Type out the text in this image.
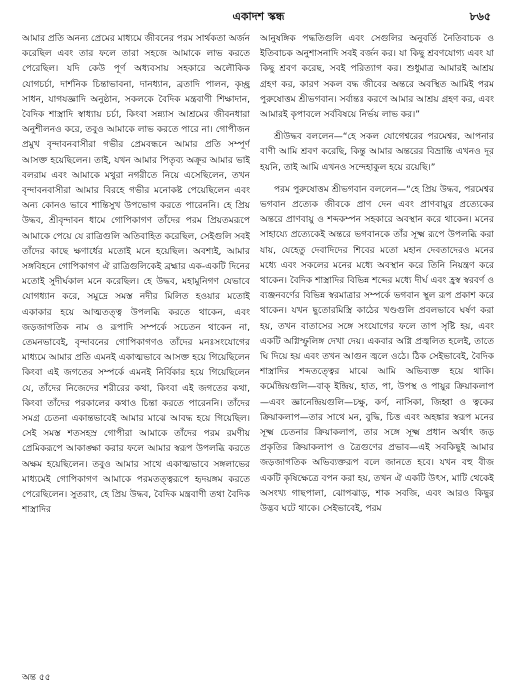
একাদশ স্কন্ধ	৮৬৫

আমার প্রতি অনন্য প্রেমের মাধ্যমে জীবনের পরম সার্থকতা অর্জন করেছিল এবং তার ফলে তারা সহজে আমাকে লাভ করতে পেরেছিল। যদি কেউ পূর্ণ অধ্যবসায় সহকারে অলৌকিক যোগচর্চা, দার্শনিক চিন্তাভাবনা, দানধ্যান, ব্রতাদি পালন, কৃচ্ছ্র সাধন, যাগযজ্ঞাদি অনুষ্ঠান, সকলকে বৈদিক মন্ত্রবাণী শিক্ষাদান, বৈদিক শাস্ত্রাদি স্বাধ্যায় চর্চা, কিংবা সন্ন্যাস আশ্রমের জীবনধারা অনুশীলনও করে, তবুও আমাকে লাভ করতে পারে না। গোপীজন প্রমুখ বৃন্দাবনবাসীরা গভীর প্রেমবন্ধনে আমার প্রতি সম্পূর্ণ আসক্ত হয়েছিলেন। তাই, যখন আমার পিতৃব্য অক্রূর আমার ভাই বলরাম এবং আমাকে মথুরা নগরীতে নিয়ে এসেছিলেন, তখন বৃন্দাবনবাসীরা আমার বিরহে গভীর মনোকষ্ট পেয়েছিলেন এবং অন্য কোনও ভাবে শান্তিসুখ উপভোগ করতে পারেননি। হে প্রিয় উদ্ধব, শ্রীবৃন্দাবন ধামে গোপিকাগণ তাঁদের পরম প্রিয়তমরূপে আমাকে পেয়ে যে রাত্রিগুলি অতিবাহিত করেছিল, সেইগুলি সবই তাঁদের কাছে ক্ষণার্ধের মতোই মনে হয়েছিল। অবশ্যই, আমার সঙ্গবিহনে গোপিকাগণ ঐ রাত্রিগুলিকেই ব্রহ্মার এক-একটি দিনের মতোই সুদীর্ঘকাল মনে করেছিল। হে উদ্ধব, মহামুনিগণ যেভাবে যোগধ্যান করে, সমুদ্রে সমস্ত নদীর মিলিত হওয়ার মতোই একাকার হয়ে আত্মতত্ত্ব উপলব্ধি করতে থাকেন, এবং জড়জাগতিক নাম ও রূপাদি সম্পর্কে সচেতন থাকেন না, তেমনভাবেই, বৃন্দাবনের গোপিকাগণও তাঁদের মনঃসংযোগের মাধ্যমে আমার প্রতি এমনই একাত্মভাবে আসক্ত হয়ে গিয়েছিলেন কিংবা এই জগতের সম্পর্কে এমনই নির্বিকার হয়ে গিয়েছিলেন যে, তাঁদের নিজেদের শরীরের কথা, কিংবা এই জগতের কথা, কিংবা তাঁদের পরকালের কথাও চিন্তা করতে পারেননি। তাঁদের সমগ্র চেতনা একান্তভাবেই আমার মাঝে আবদ্ধ হয়ে গিয়েছিল। সেই সমস্ত শতসহস্র গোপীরা আমাকে তাঁদের পরম রমণীয় প্রেমিকরূপে আকাঙ্ক্ষা করার ফলে আমার স্বরূপ উপলব্ধি করতে অক্ষম হয়েছিলেন। তবুও আমার সাথে একাত্মভাবে সঙ্গলাভের মাধ্যমেই গোপিকাগণ আমাকে পরমতত্ত্বরূপে হৃদয়ঙ্গম করতে পেরেছিলেন। সুতরাং, হে প্রিয় উদ্ধব, বৈদিক মন্ত্রবাণী তথা বৈদিক শাস্ত্রাদির

আনুষঙ্গিক পদ্ধতিগুলি এবং সেগুলির অনুবর্তি নৈতিবাচক ও ইতিবাচক অনুশাসনাদি সবই বর্জন কর। যা কিছু শ্রবণযোগ্য এবং যা কিছু শ্রবণ করেছ, সবই পরিত্যাগ কর। শুধুমাত্র আমারই আশ্রয় গ্রহণ কর, কারণ সকল বদ্ধ জীবের অন্তরে অবস্থিত আমিই পরম পুরুষোত্তম শ্রীভগবান। সর্বান্তঃ করণে আমার আশ্রয় গ্রহণ কর, এবং আমারই কৃপাবলে সর্ববিষয়ে নির্ভয় লাভ কর।”

শ্রীউদ্ধব বললেন—“হে সকল যোগেশ্বরের পরমেশ্বর, আপনার বাণী আমি শ্রবণ করেছি, কিন্তু আমার অন্তরের বিভ্রান্তি এখনও দূর হয়নি, তাই আমি এখনও সন্দেহাকুল হয়ে রয়েছি।”

পরম পুরুষোত্তম শ্রীভগবান বললেন—“হে প্রিয় উদ্ধব, পরমেশ্বর ভগবান প্রত্যেক জীবকে প্রাণ দেন এবং প্রাণবায়ুর প্রত্যেকের অন্তরে প্রাণবায়ু ও শব্দকম্পন সহকারে অবস্থান করে থাকেন। মনের সাহায্যে প্রত্যেকেই অন্তরে ভগবানকে তাঁর সূক্ষ্ম রূপে উপলব্ধি করা যায়, যেহেতু দেবাদিদের শিবের মতো মহান দেবতাদেরও মনের মধ্যে এবং সকলের মনের মধ্যে অবস্থান করে তিনি নিয়ন্ত্রণ করে থাকেন। বৈদিক শাস্ত্রাদির বিভিন্ন শব্দের মধ্যে দীর্ঘ এবং হ্রস্ব স্বরবর্ণ ও ব্যঞ্জনবর্ণের বিভিন্ন স্বরমাত্রার সম্পর্কে ভগবান স্থূল রূপ প্রকাশ করে থাকেন। যখন ছুতোরমিস্ত্রি কাঠের খণ্ডগুলি প্রবলভাবে ঘর্ষণ করা হয়, তখন বাতাসের সঙ্গে সংযোগের ফলে তাপ সৃষ্টি হয়, এবং একটি অগ্নিস্ফুলিঙ্গ দেখা দেয়। একবার অগ্নি প্রজ্বলিত হলেই, তাতে ঘি দিয়ে হয় এবং তখন আগুন জ্বলে ওঠে। ঠিক সেইভাবেই, বৈদিক শাস্ত্রাদির শব্দতত্ত্বের মাঝে আমি অভিব্যক্ত হয়ে থাকি। কর্মেন্দ্রিয়গুলি—বাক্ ইন্দ্রিয়, হাত, পা, উপস্থ ও পায়ুর ক্রিয়াকলাপ—এবং জ্ঞানেন্দ্রিয়গুলি—চক্ষু, কর্ণ, নাসিকা, জিহ্বা ও ত্বকের ক্রিয়াকলাপ—তার সাথে মন, বুদ্ধি, চিত্ত এবং অহঙ্কার স্বরূপ মনের সূক্ষ্ম চেতনার ক্রিয়াকলাপ, তার সঙ্গে সূক্ষ্ম প্রধান অর্থাৎ জড় প্রকৃতির ক্রিয়াকলাপ ও ত্রৈগুণের প্রভাব—এই সবকিছুই আমার জড়জাগতিক অভিব্যক্তরূপ বলে জানতে হবে। যখন বহু বীজ একটি কৃষিক্ষেত্রে বপন করা হয়, তখন ঐ একটি উৎস, মাটি থেকেই অসংখ্য গাছপালা, ঝোপঝাড়, শাক সবজি, এবং আরও কিছুর উদ্ভব ঘটে থাকে। সেইভাবেই, পরম

অন্ত ৫৫
